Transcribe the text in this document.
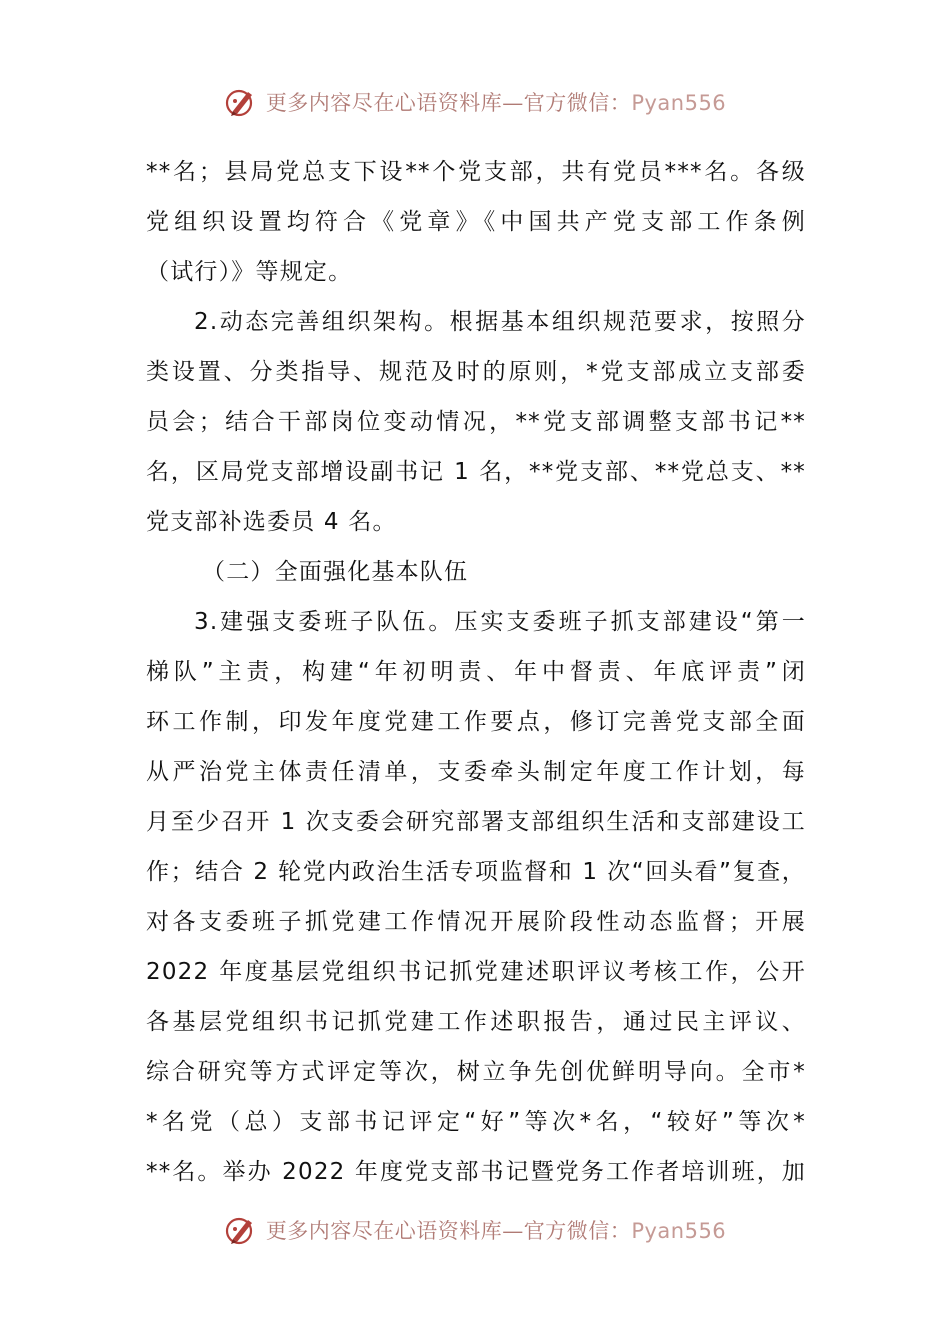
更多内容尽在心语资料库—官方微信：Pyan556
**名；县局党总支下设**个党支部，共有党员***名。各级
党组织设置均符合《党章》《中国共产党支部工作条例
（试行）》等规定。
2.动态完善组织架构。根据基本组织规范要求，按照分
类设置、分类指导、规范及时的原则，*党支部成立支部委
员会；结合干部岗位变动情况，**党支部调整支部书记**
名，区局党支部增设副书记 1 名，**党支部、**党总支、**
党支部补选委员 4 名。
（二）全面强化基本队伍
3.建强支委班子队伍。压实支委班子抓支部建设“第一
梯队”主责，构建“年初明责、年中督责、年底评责”闭
环工作制，印发年度党建工作要点，修订完善党支部全面
从严治党主体责任清单，支委牵头制定年度工作计划，每
月至少召开 1 次支委会研究部署支部组织生活和支部建设工
作；结合 2 轮党内政治生活专项监督和 1 次“回头看”复查，
对各支委班子抓党建工作情况开展阶段性动态监督；开展
2022 年度基层党组织书记抓党建述职评议考核工作，公开
各基层党组织书记抓党建工作述职报告，通过民主评议、
综合研究等方式评定等次，树立争先创优鲜明导向。全市*
*名党（总）支部书记评定“好”等次*名，“较好”等次*
**名。举办 2022 年度党支部书记暨党务工作者培训班，加
更多内容尽在心语资料库—官方微信：Pyan556
